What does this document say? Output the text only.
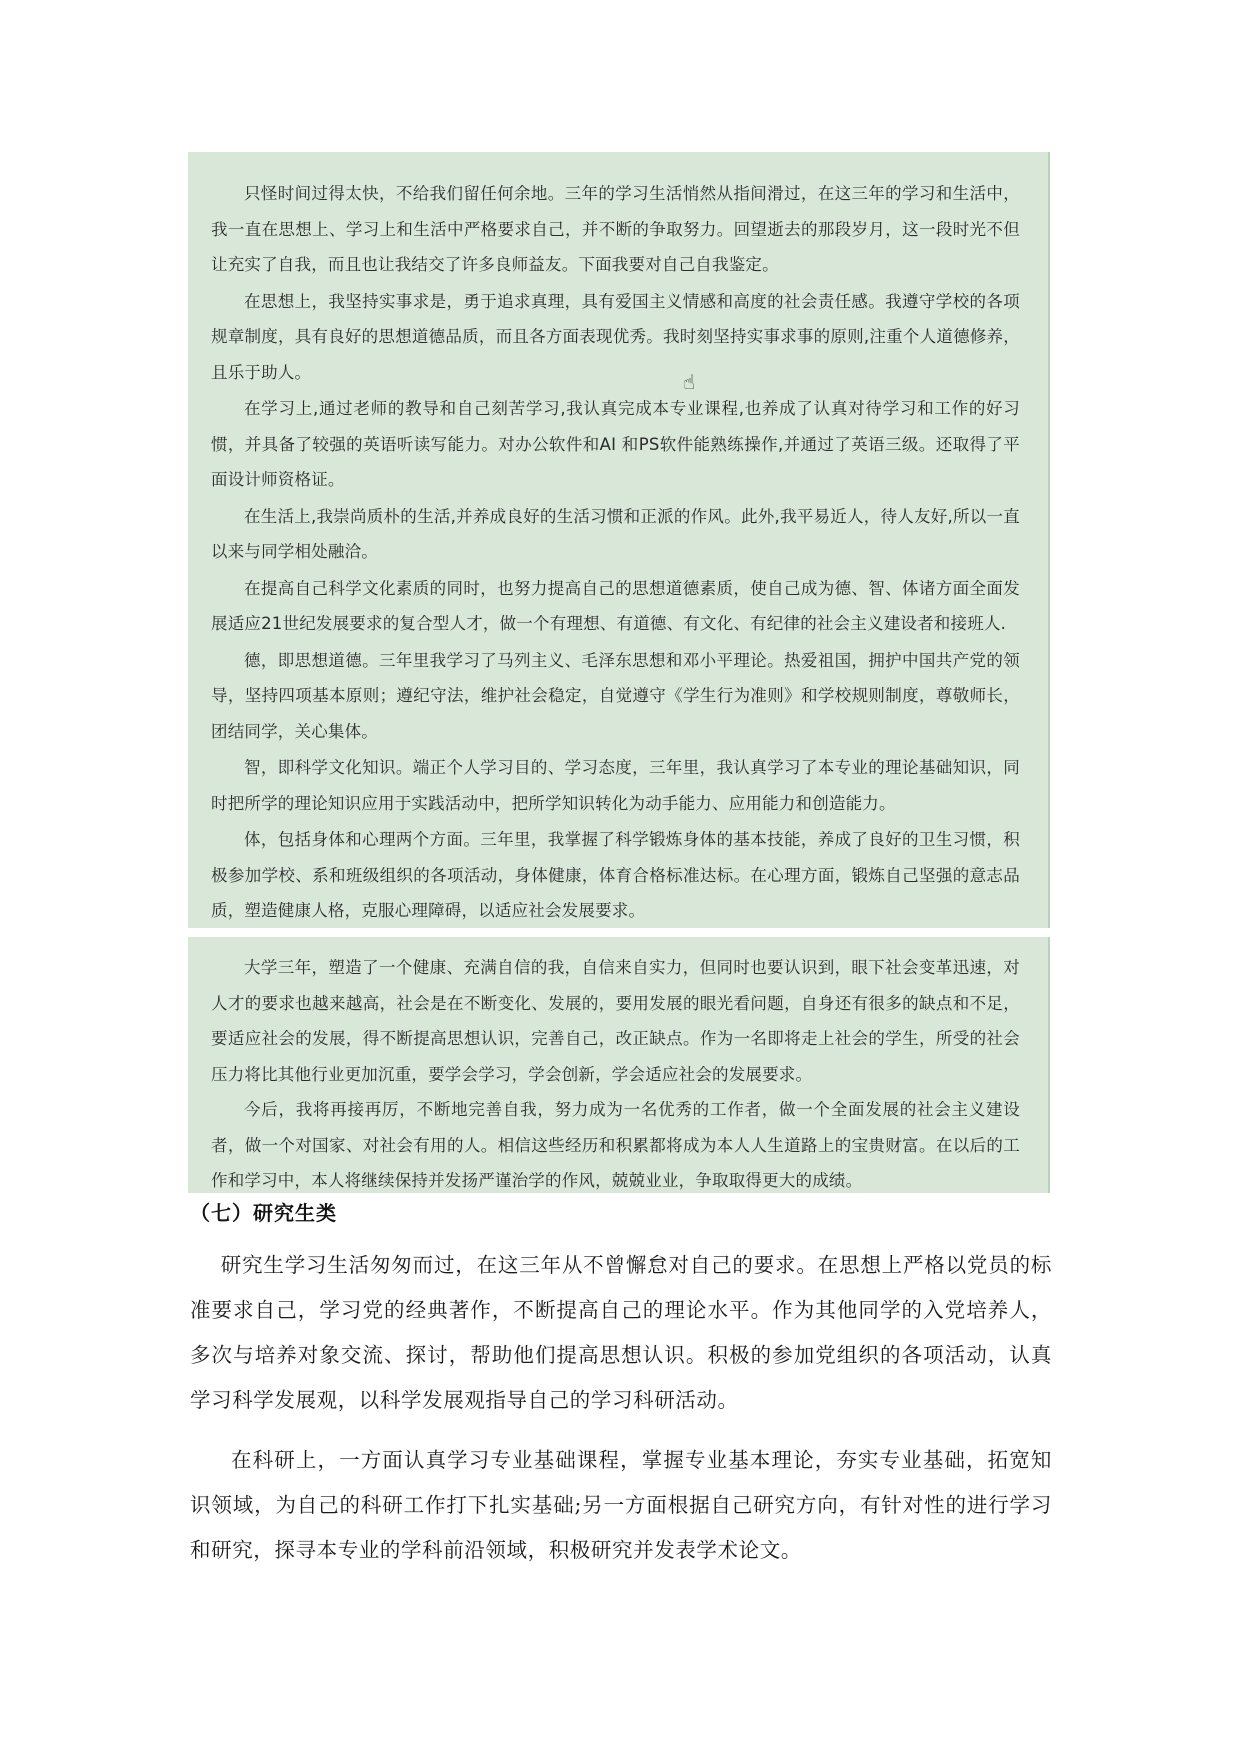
只怪时间过得太快，不给我们留任何余地。三年的学习生活悄然从指间滑过，在这三年的学习和生活中，我一直在思想上、学习上和生活中严格要求自己，并不断的争取努力。回望逝去的那段岁月，这一段时光不但让充实了自我，而且也让我结交了许多良师益友。下面我要对自己自我鉴定。

在思想上，我坚持实事求是，勇于追求真理，具有爱国主义情感和高度的社会责任感。我遵守学校的各项规章制度，具有良好的思想道德品质，而且各方面表现优秀。我时刻坚持实事求事的原则,注重个人道德修养，且乐于助人。

在学习上,通过老师的教导和自己刻苦学习,我认真完成本专业课程,也养成了认真对待学习和工作的好习惯，并具备了较强的英语听读写能力。对办公软件和AI 和PS软件能熟练操作,并通过了英语三级。还取得了平面设计师资格证。

在生活上,我崇尚质朴的生活,并养成良好的生活习惯和正派的作风。此外,我平易近人，待人友好,所以一直以来与同学相处融洽。

在提高自己科学文化素质的同时，也努力提高自己的思想道德素质，使自己成为德、智、体诸方面全面发展适应21世纪发展要求的复合型人才，做一个有理想、有道德、有文化、有纪律的社会主义建设者和接班人.

德，即思想道德。三年里我学习了马列主义、毛泽东思想和邓小平理论。热爱祖国，拥护中国共产党的领导，坚持四项基本原则；遵纪守法，维护社会稳定，自觉遵守《学生行为准则》和学校规则制度，尊敬师长，团结同学，关心集体。

智，即科学文化知识。端正个人学习目的、学习态度，三年里，我认真学习了本专业的理论基础知识，同时把所学的理论知识应用于实践活动中，把所学知识转化为动手能力、应用能力和创造能力。

体，包括身体和心理两个方面。三年里，我掌握了科学锻炼身体的基本技能，养成了良好的卫生习惯，积极参加学校、系和班级组织的各项活动，身体健康，体育合格标准达标。在心理方面，锻炼自己坚强的意志品质，塑造健康人格，克服心理障碍，以适应社会发展要求。

☝

大学三年，塑造了一个健康、充满自信的我，自信来自实力，但同时也要认识到，眼下社会变革迅速，对人才的要求也越来越高，社会是在不断变化、发展的，要用发展的眼光看问题，自身还有很多的缺点和不足，要适应社会的发展，得不断提高思想认识，完善自己，改正缺点。作为一名即将走上社会的学生，所受的社会压力将比其他行业更加沉重，要学会学习，学会创新，学会适应社会的发展要求。

今后，我将再接再厉，不断地完善自我，努力成为一名优秀的工作者，做一个全面发展的社会主义建设者，做一个对国家、对社会有用的人。相信这些经历和积累都将成为本人人生道路上的宝贵财富。在以后的工作和学习中，本人将继续保持并发扬严谨治学的作风，兢兢业业，争取取得更大的成绩。

（七）研究生类

研究生学习生活匆匆而过，在这三年从不曾懈怠对自己的要求。在思想上严格以党员的标准要求自己，学习党的经典著作，不断提高自己的理论水平。作为其他同学的入党培养人，多次与培养对象交流、探讨，帮助他们提高思想认识。积极的参加党组织的各项活动，认真学习科学发展观，以科学发展观指导自己的学习科研活动。

在科研上，一方面认真学习专业基础课程，掌握专业基本理论，夯实专业基础，拓宽知识领域，为自己的科研工作打下扎实基础;另一方面根据自己研究方向，有针对性的进行学习和研究，探寻本专业的学科前沿领域，积极研究并发表学术论文。
